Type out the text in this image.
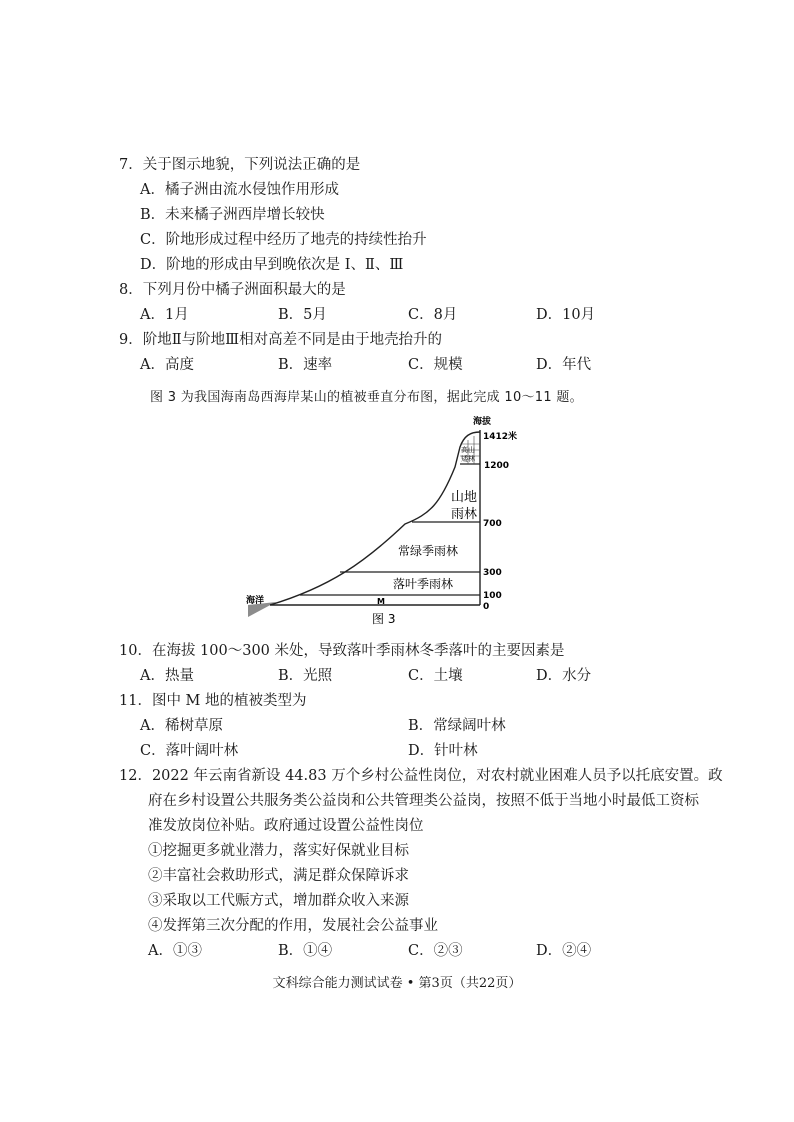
7．关于图示地貌，下列说法正确的是
A．橘子洲由流水侵蚀作用形成
B．未来橘子洲西岸增长较快
C．阶地形成过程中经历了地壳的持续性抬升
D．阶地的形成由早到晚依次是 Ⅰ、Ⅱ、Ⅲ
8．下列月份中橘子洲面积最大的是
A．1月	B．5月	C．8月	D．10月
9．阶地Ⅱ与阶地Ⅲ相对高差不同是由于地壳抬升的
A．高度	B．速率	C．规模	D．年代
图 3 为我国海南岛西海岸某山的植被垂直分布图，据此完成 10～11 题。
海拔
1412米
高山
矮林
1200
700
300
100
0
山地
雨林
常绿季雨林
落叶季雨林
M
海洋
图 3
10．在海拔 100～300 米处，导致落叶季雨林冬季落叶的主要因素是
A．热量	B．光照	C．土壤	D．水分
11．图中 M 地的植被类型为
A．稀树草原	B．常绿阔叶林
C．落叶阔叶林	D．针叶林
12．2022 年云南省新设 44.83 万个乡村公益性岗位，对农村就业困难人员予以托底安置。政
府在乡村设置公共服务类公益岗和公共管理类公益岗，按照不低于当地小时最低工资标
准发放岗位补贴。政府通过设置公益性岗位
①挖掘更多就业潜力，落实好保就业目标
②丰富社会救助形式，满足群众保障诉求
③采取以工代赈方式，增加群众收入来源
④发挥第三次分配的作用，发展社会公益事业
A．①③	B．①④	C．②③	D．②④
文科综合能力测试试卷 • 第3页（共22页）
